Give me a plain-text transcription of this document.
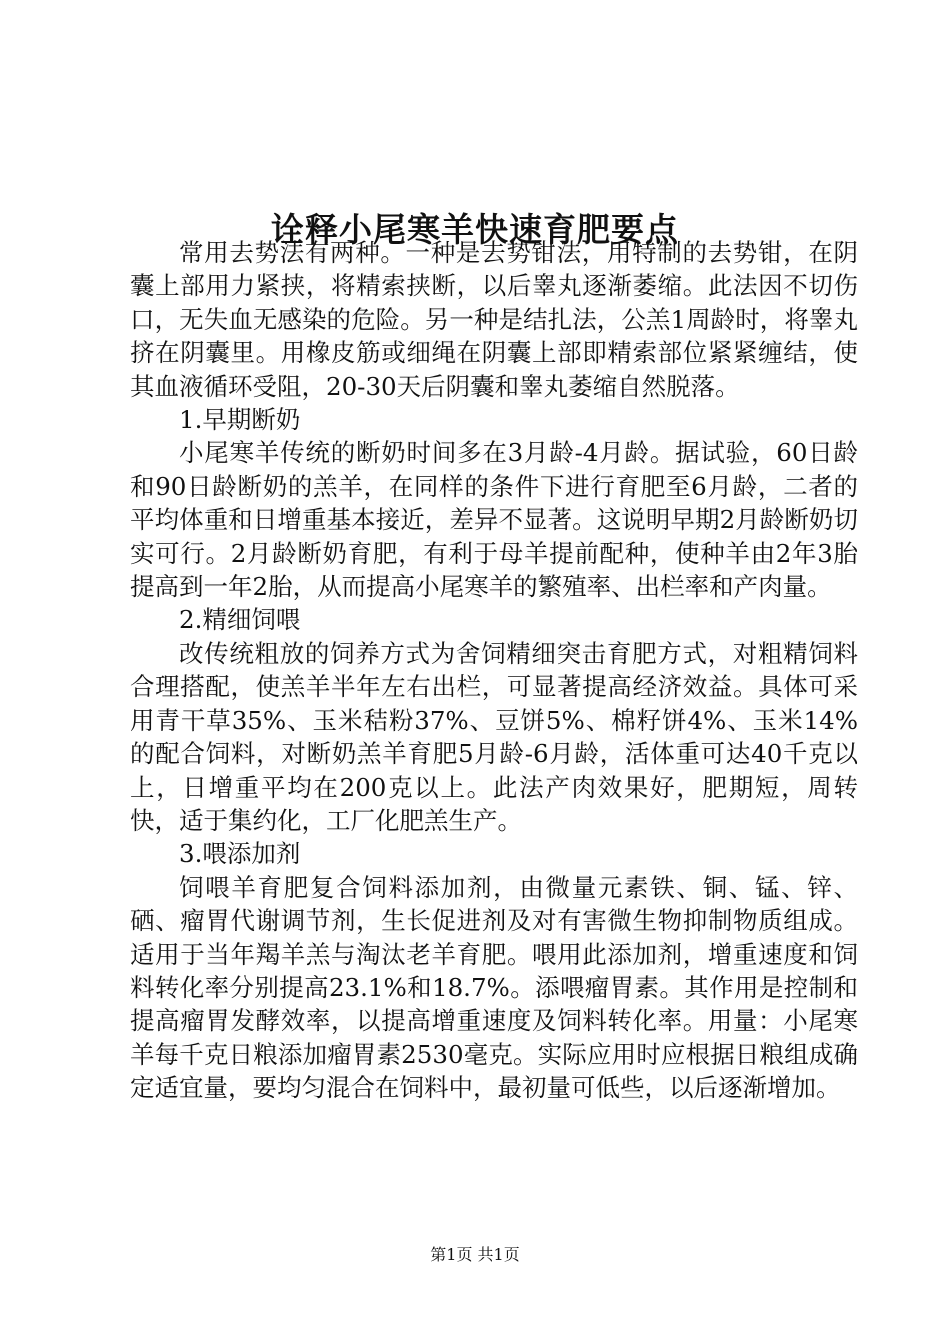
诠释小尾寒羊快速育肥要点

常用去势法有两种。一种是去势钳法，用特制的去势钳，在阴囊上部用力紧挟，将精索挟断，以后睾丸逐渐萎缩。此法因不切伤口，无失血无感染的危险。另一种是结扎法，公羔1周龄时，将睾丸挤在阴囊里。用橡皮筋或细绳在阴囊上部即精索部位紧紧缠结，使其血液循环受阻，20-30天后阴囊和睾丸萎缩自然脱落。

1.早期断奶

小尾寒羊传统的断奶时间多在3月龄-4月龄。据试验，60日龄和90日龄断奶的羔羊，在同样的条件下进行育肥至6月龄，二者的平均体重和日增重基本接近，差异不显著。这说明早期2月龄断奶切实可行。2月龄断奶育肥，有利于母羊提前配种，使种羊由2年3胎提高到一年2胎，从而提高小尾寒羊的繁殖率、出栏率和产肉量。

2.精细饲喂

改传统粗放的饲养方式为舍饲精细突击育肥方式，对粗精饲料合理搭配，使羔羊半年左右出栏，可显著提高经济效益。具体可采用青干草35%、玉米秸粉37%、豆饼5%、棉籽饼4%、玉米14%的配合饲料，对断奶羔羊育肥5月龄-6月龄，活体重可达40千克以上，日增重平均在200克以上。此法产肉效果好，肥期短，周转快，适于集约化，工厂化肥羔生产。

3.喂添加剂

饲喂羊育肥复合饲料添加剂，由微量元素铁、铜、锰、锌、硒、瘤胃代谢调节剂，生长促进剂及对有害微生物抑制物质组成。适用于当年羯羊羔与淘汰老羊育肥。喂用此添加剂，增重速度和饲料转化率分别提高23.1%和18.7%。添喂瘤胃素。其作用是控制和提高瘤胃发酵效率，以提高增重速度及饲料转化率。用量：小尾寒羊每千克日粮添加瘤胃素2530毫克。实际应用时应根据日粮组成确定适宜量，要均匀混合在饲料中，最初量可低些，以后逐渐增加。

第1页 共1页
